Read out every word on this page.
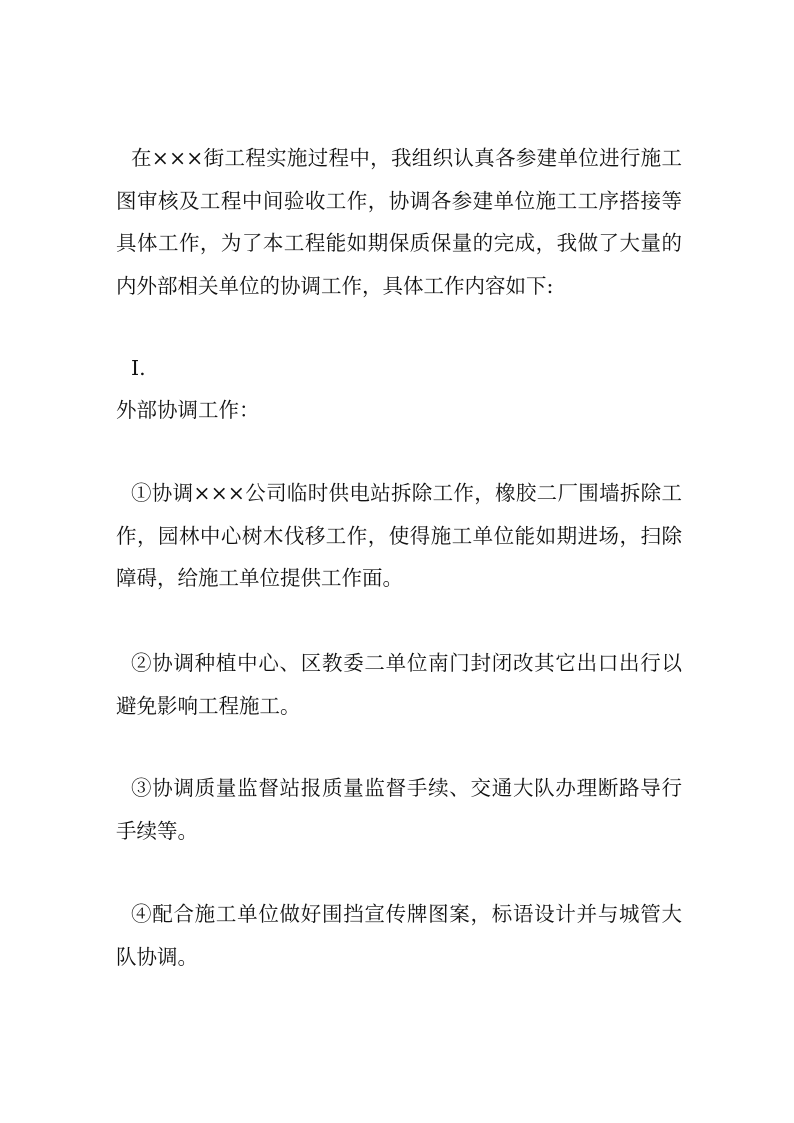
在×××街工程实施过程中，我组织认真各参建单位进行施工图审核及工程中间验收工作，协调各参建单位施工工序搭接等具体工作，为了本工程能如期保质保量的完成，我做了大量的内外部相关单位的协调工作，具体工作内容如下:

I.

外部协调工作：

①协调×××公司临时供电站拆除工作，橡胶二厂围墙拆除工作，园林中心树木伐移工作，使得施工单位能如期进场，扫除障碍，给施工单位提供工作面。

②协调种植中心、区教委二单位南门封闭改其它出口出行以避免影响工程施工。

③协调质量监督站报质量监督手续、交通大队办理断路导行手续等。

④配合施工单位做好围挡宣传牌图案，标语设计并与城管大队协调。
